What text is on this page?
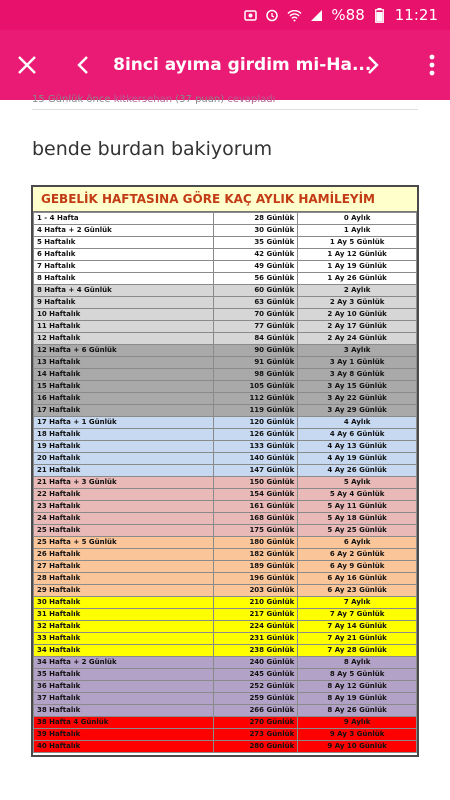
%88 11:21
8inci ayıma girdim mi-Ha...
15 Günlük önce kitkersehan (37 puan) cevapladı
bende burdan bakiyorum
GEBELİK HAFTASINA GÖRE KAÇ AYLIK HAMİLEYİM
1 - 4 Hafta	28 Günlük	0 Aylık
4 Hafta + 2 Günlük	30 Günlük	1 Aylık
5 Haftalık	35 Günlük	1 Ay 5 Günlük
6 Haftalık	42 Günlük	1 Ay 12 Günlük
7 Haftalık	49 Günlük	1 Ay 19 Günlük
8 Haftalık	56 Günlük	1 Ay 26 Günlük
8 Hafta + 4 Günlük	60 Günlük	2 Aylık
9 Haftalık	63 Günlük	2 Ay 3 Günlük
10 Haftalık	70 Günlük	2 Ay 10 Günlük
11 Haftalık	77 Günlük	2 Ay 17 Günlük
12 Haftalık	84 Günlük	2 Ay 24 Günlük
12 Hafta + 6 Günlük	90 Günlük	3 Aylık
13 Haftalık	91 Günlük	3 Ay 1 Günlük
14 Haftalık	98 Günlük	3 Ay 8 Günlük
15 Haftalık	105 Günlük	3 Ay 15 Günlük
16 Haftalık	112 Günlük	3 Ay 22 Günlük
17 Haftalık	119 Günlük	3 Ay 29 Günlük
17 Hafta + 1 Günlük	120 Günlük	4 Aylık
18 Haftalık	126 Günlük	4 Ay 6 Günlük
19 Haftalık	133 Günlük	4 Ay 13 Günlük
20 Haftalık	140 Günlük	4 Ay 19 Günlük
21 Haftalık	147 Günlük	4 Ay 26 Günlük
21 Hafta + 3 Günlük	150 Günlük	5 Aylık
22 Haftalık	154 Günlük	5 Ay 4 Günlük
23 Haftalık	161 Günlük	5 Ay 11 Günlük
24 Haftalık	168 Günlük	5 Ay 18 Günlük
25 Haftalık	175 Günlük	5 Ay 25 Günlük
25 Hafta + 5 Günlük	180 Günlük	6 Aylık
26 Haftalık	182 Günlük	6 Ay 2 Günlük
27 Haftalık	189 Günlük	6 Ay 9 Günlük
28 Haftalık	196 Günlük	6 Ay 16 Günlük
29 Haftalık	203 Günlük	6 Ay 23 Günlük
30 Haftalık	210 Günlük	7 Aylık
31 Haftalık	217 Günlük	7 Ay 7 Günlük
32 Haftalık	224 Günlük	7 Ay 14 Günlük
33 Haftalık	231 Günlük	7 Ay 21 Günlük
34 Haftalık	238 Günlük	7 Ay 28 Günlük
34 Hafta + 2 Günlük	240 Günlük	8 Aylık
35 Haftalık	245 Günlük	8 Ay 5 Günlük
36 Haftalık	252 Günlük	8 Ay 12 Günlük
37 Haftalık	259 Günlük	8 Ay 19 Günlük
38 Haftalık	266 Günlük	8 Ay 26 Günlük
38 Hafta 4 Günlük	270 Günlük	9 Aylık
39 Haftalık	273 Günlük	9 Ay 3 Günlük
40 Haftalık	280 Günlük	9 Ay 10 Günlük
